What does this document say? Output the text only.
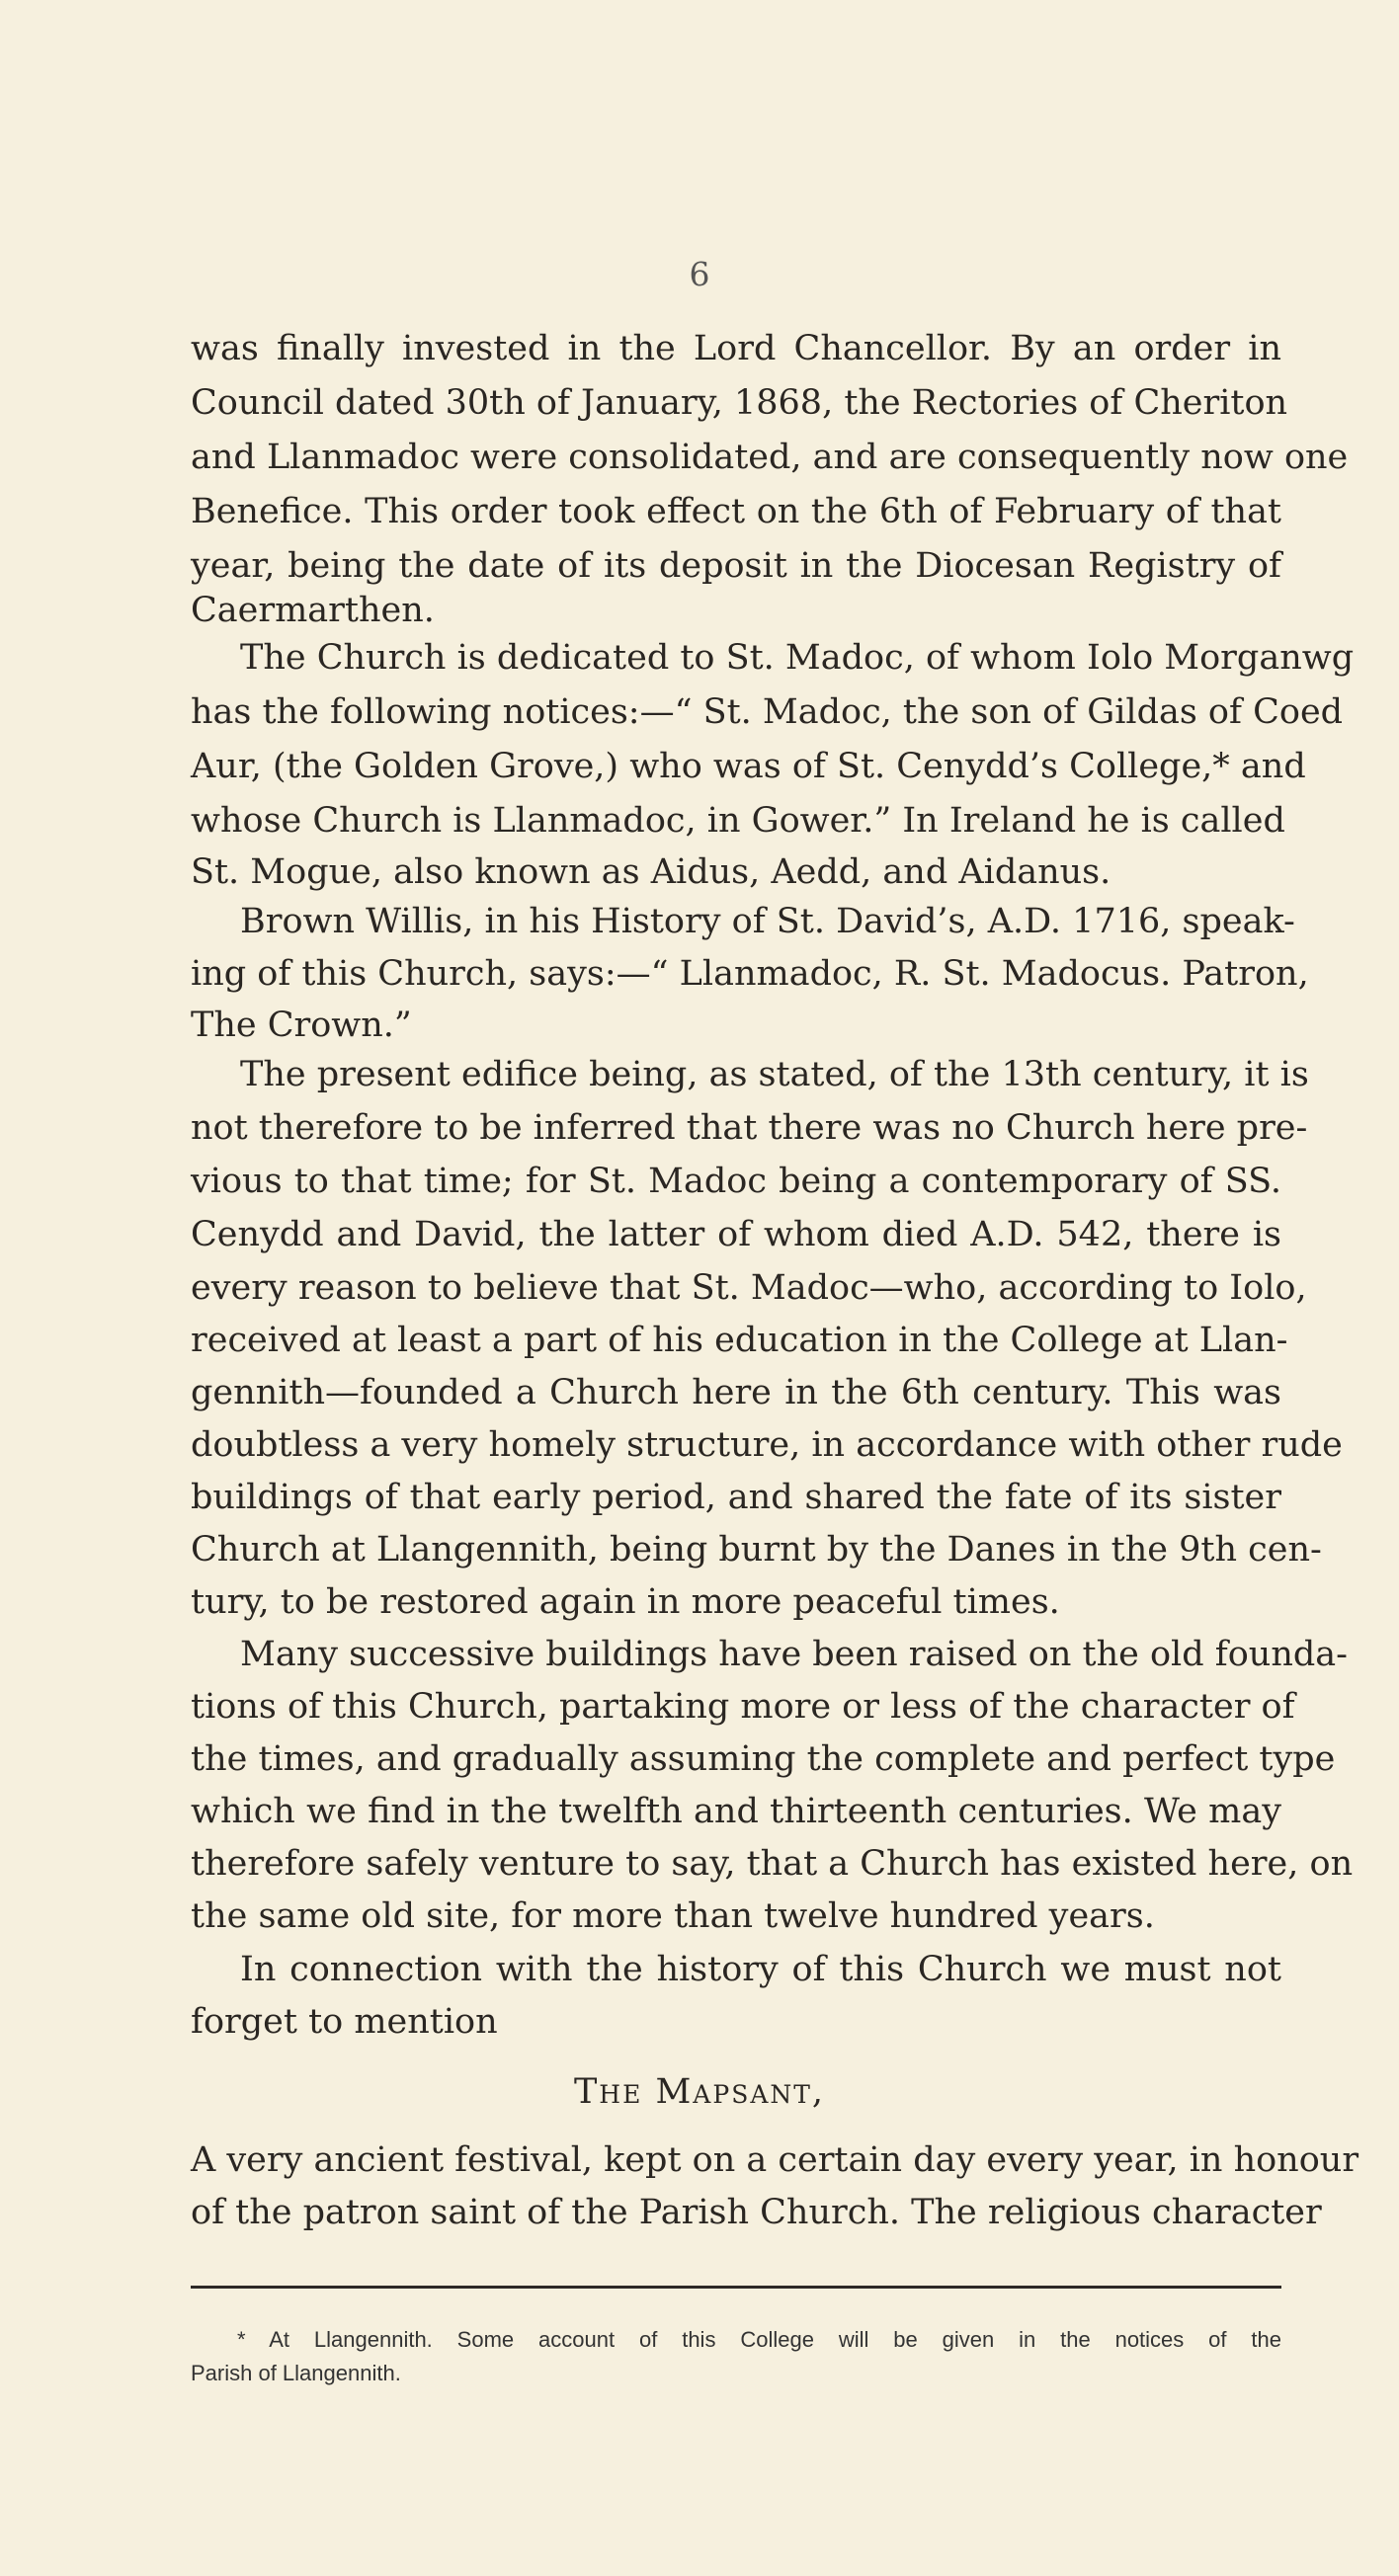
6
was finally invested in the Lord Chancellor. By an order in
Council dated 30th of January, 1868, the Rectories of Cheriton
and Llanmadoc were consolidated, and are consequently now one
Benefice. This order took effect on the 6th of February of that
year, being the date of its deposit in the Diocesan Registry of
Caermarthen.
The Church is dedicated to St. Madoc, of whom Iolo Morganwg
has the following notices:—“ St. Madoc, the son of Gildas of Coed
Aur, (the Golden Grove,) who was of St. Cenydd’s College,* and
whose Church is Llanmadoc, in Gower.” In Ireland he is called
St. Mogue, also known as Aidus, Aedd, and Aidanus.
Brown Willis, in his History of St. David’s, A.D. 1716, speak-
ing of this Church, says:—“ Llanmadoc, R. St. Madocus. Patron,
The Crown.”
The present edifice being, as stated, of the 13th century, it is
not therefore to be inferred that there was no Church here pre-
vious to that time; for St. Madoc being a contemporary of SS.
Cenydd and David, the latter of whom died A.D. 542, there is
every reason to believe that St. Madoc—who, according to Iolo,
received at least a part of his education in the College at Llan-
gennith—founded a Church here in the 6th century. This was
doubtless a very homely structure, in accordance with other rude
buildings of that early period, and shared the fate of its sister
Church at Llangennith, being burnt by the Danes in the 9th cen-
tury, to be restored again in more peaceful times.
Many successive buildings have been raised on the old founda-
tions of this Church, partaking more or less of the character of
the times, and gradually assuming the complete and perfect type
which we find in the twelfth and thirteenth centuries. We may
therefore safely venture to say, that a Church has existed here, on
the same old site, for more than twelve hundred years.
In connection with the history of this Church we must not
forget to mention
The Mapsant,
A very ancient festival, kept on a certain day every year, in honour
of the patron saint of the Parish Church. The religious character
* At Llangennith. Some account of this College will be given in the notices of the
Parish of Llangennith.
